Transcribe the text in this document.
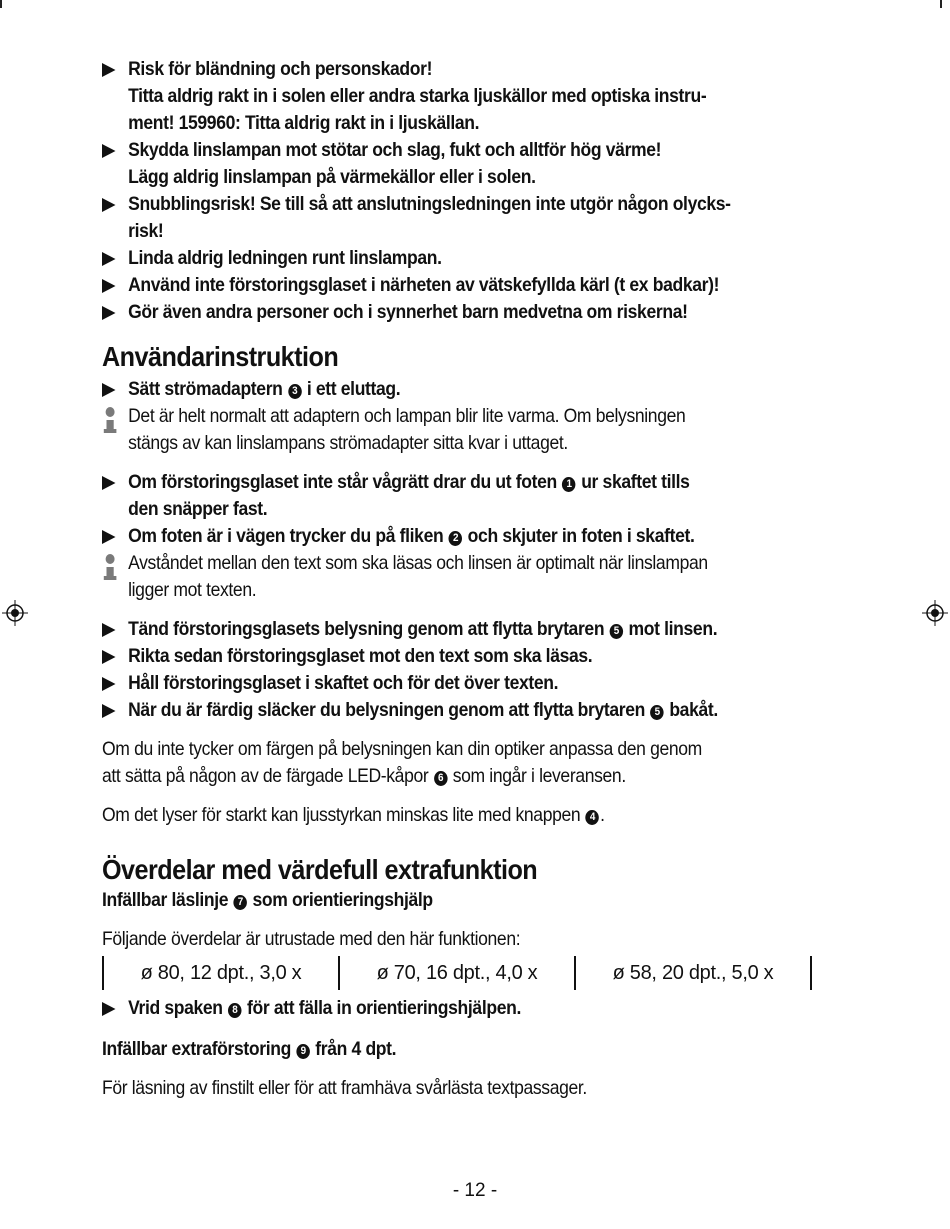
Risk för bländning och personskador!
Titta aldrig rakt in i solen eller andra starka ljuskällor med optiska instru-
ment! 159960: Titta aldrig rakt in i ljuskällan.
Skydda linslampan mot stötar och slag, fukt och alltför hög värme!
Lägg aldrig linslampan på värmekällor eller i solen.
Snubblingsrisk! Se till så att anslutningsledningen inte utgör någon olycks-
risk!
Linda aldrig ledningen runt linslampan.
Använd inte förstoringsglaset i närheten av vätskefyllda kärl (t ex badkar)!
Gör även andra personer och i synnerhet barn medvetna om riskerna!
Användarinstruktion
Sätt strömadaptern 3 i ett eluttag.
Det är helt normalt att adaptern och lampan blir lite varma. Om belysningen
stängs av kan linslampans strömadapter sitta kvar i uttaget.
Om förstoringsglaset inte står vågrätt drar du ut foten 1 ur skaftet tills
den snäpper fast.
Om foten är i vägen trycker du på fliken 2 och skjuter in foten i skaftet.
Avståndet mellan den text som ska läsas och linsen är optimalt när linslampan
ligger mot texten.
Tänd förstoringsglasets belysning genom att flytta brytaren 5 mot linsen.
Rikta sedan förstoringsglaset mot den text som ska läsas.
Håll förstoringsglaset i skaftet och för det över texten.
När du är färdig släcker du belysningen genom att flytta brytaren 5 bakåt.
Om du inte tycker om färgen på belysningen kan din optiker anpassa den genom
att sätta på någon av de färgade LED-kåpor 6 som ingår i leveransen.
Om det lyser för starkt kan ljusstyrkan minskas lite med knappen 4 .
Överdelar med värdefull extrafunktion
Infällbar läslinje 7 som orientieringshjälp
Följande överdelar är utrustade med den här funktionen:
ø 80, 12 dpt., 3,0 x	ø 70, 16 dpt., 4,0 x	ø 58, 20 dpt., 5,0 x
Vrid spaken 8 för att fälla in orientieringshjälpen.
Infällbar extraförstoring 9 från 4 dpt.
För läsning av finstilt eller för att framhäva svårlästa textpassager.
- 12 -
